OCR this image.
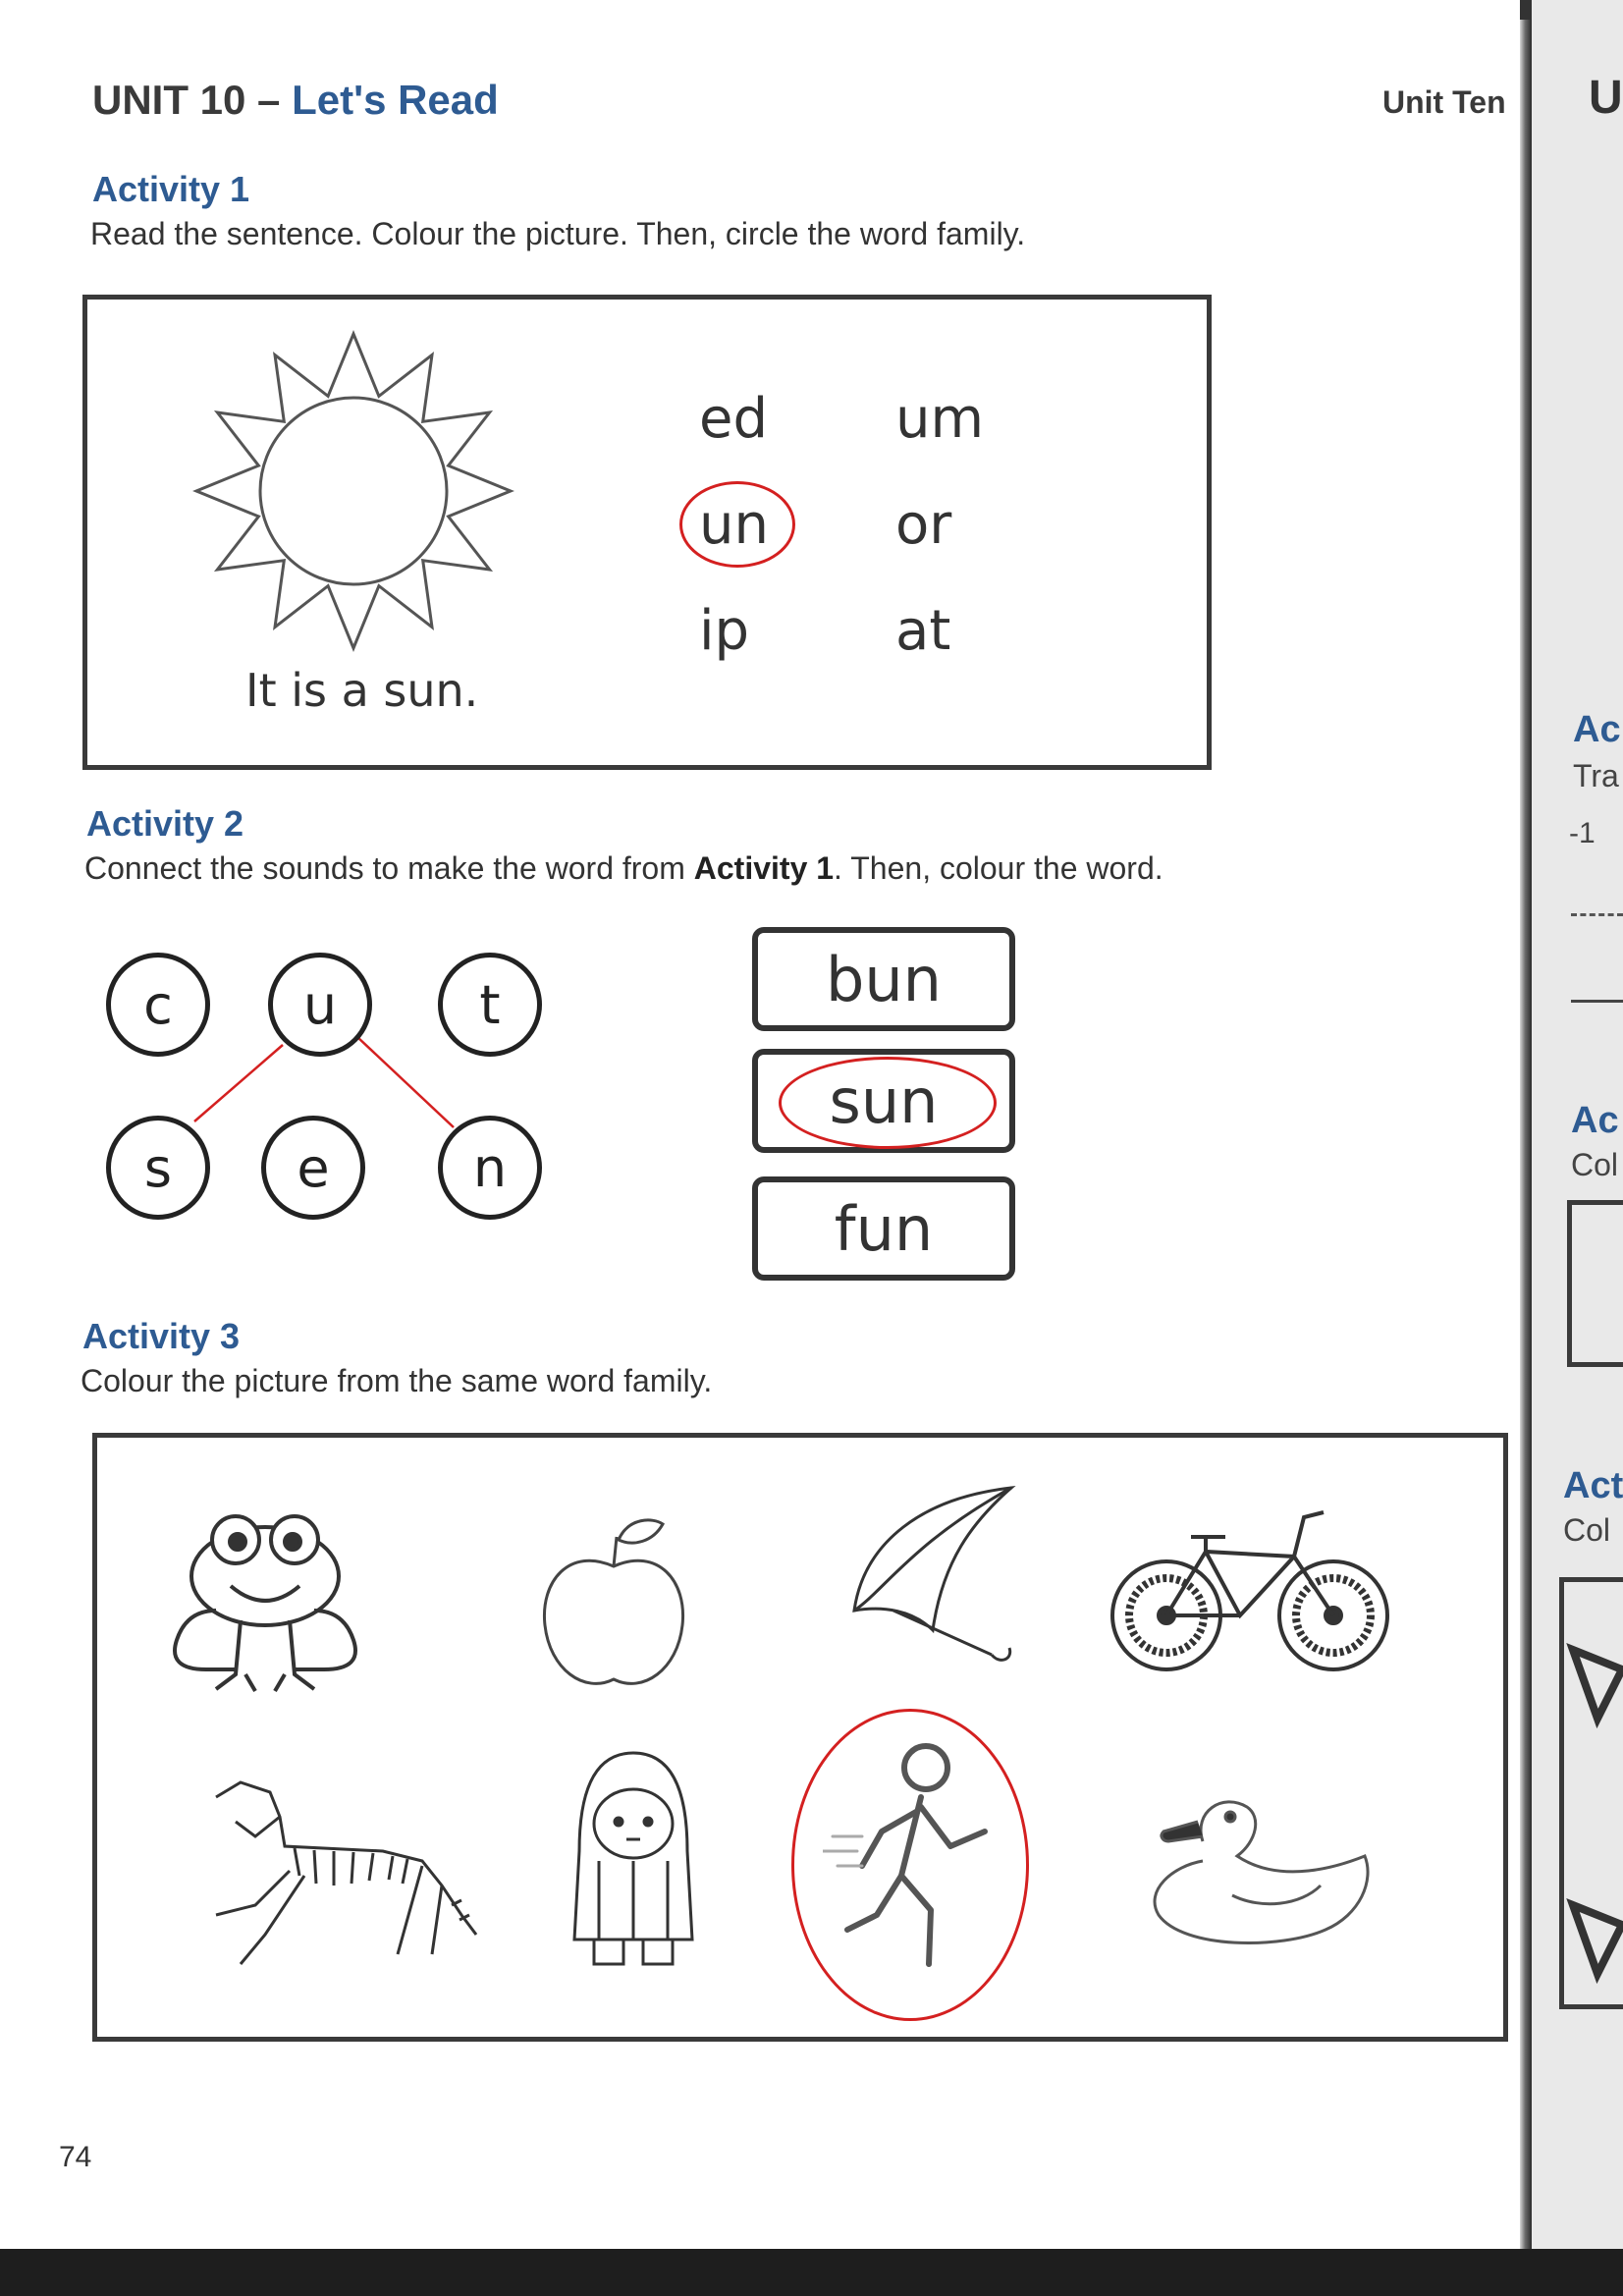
UNIT 10 – Let's Read	Unit Ten
Activity 1
Read the sentence. Colour the picture. Then, circle the word family.
It is a sun.
ed um
un or
ip	at
Activity 2
Connect the sounds to make the word from Activity 1. Then, colour the word.
c	u	t
s	e	n
bun
sun
fun
Activity 3
Colour the picture from the same word family.
74
U
Ac
Tra
-1
Ac
Col
Act
Col
